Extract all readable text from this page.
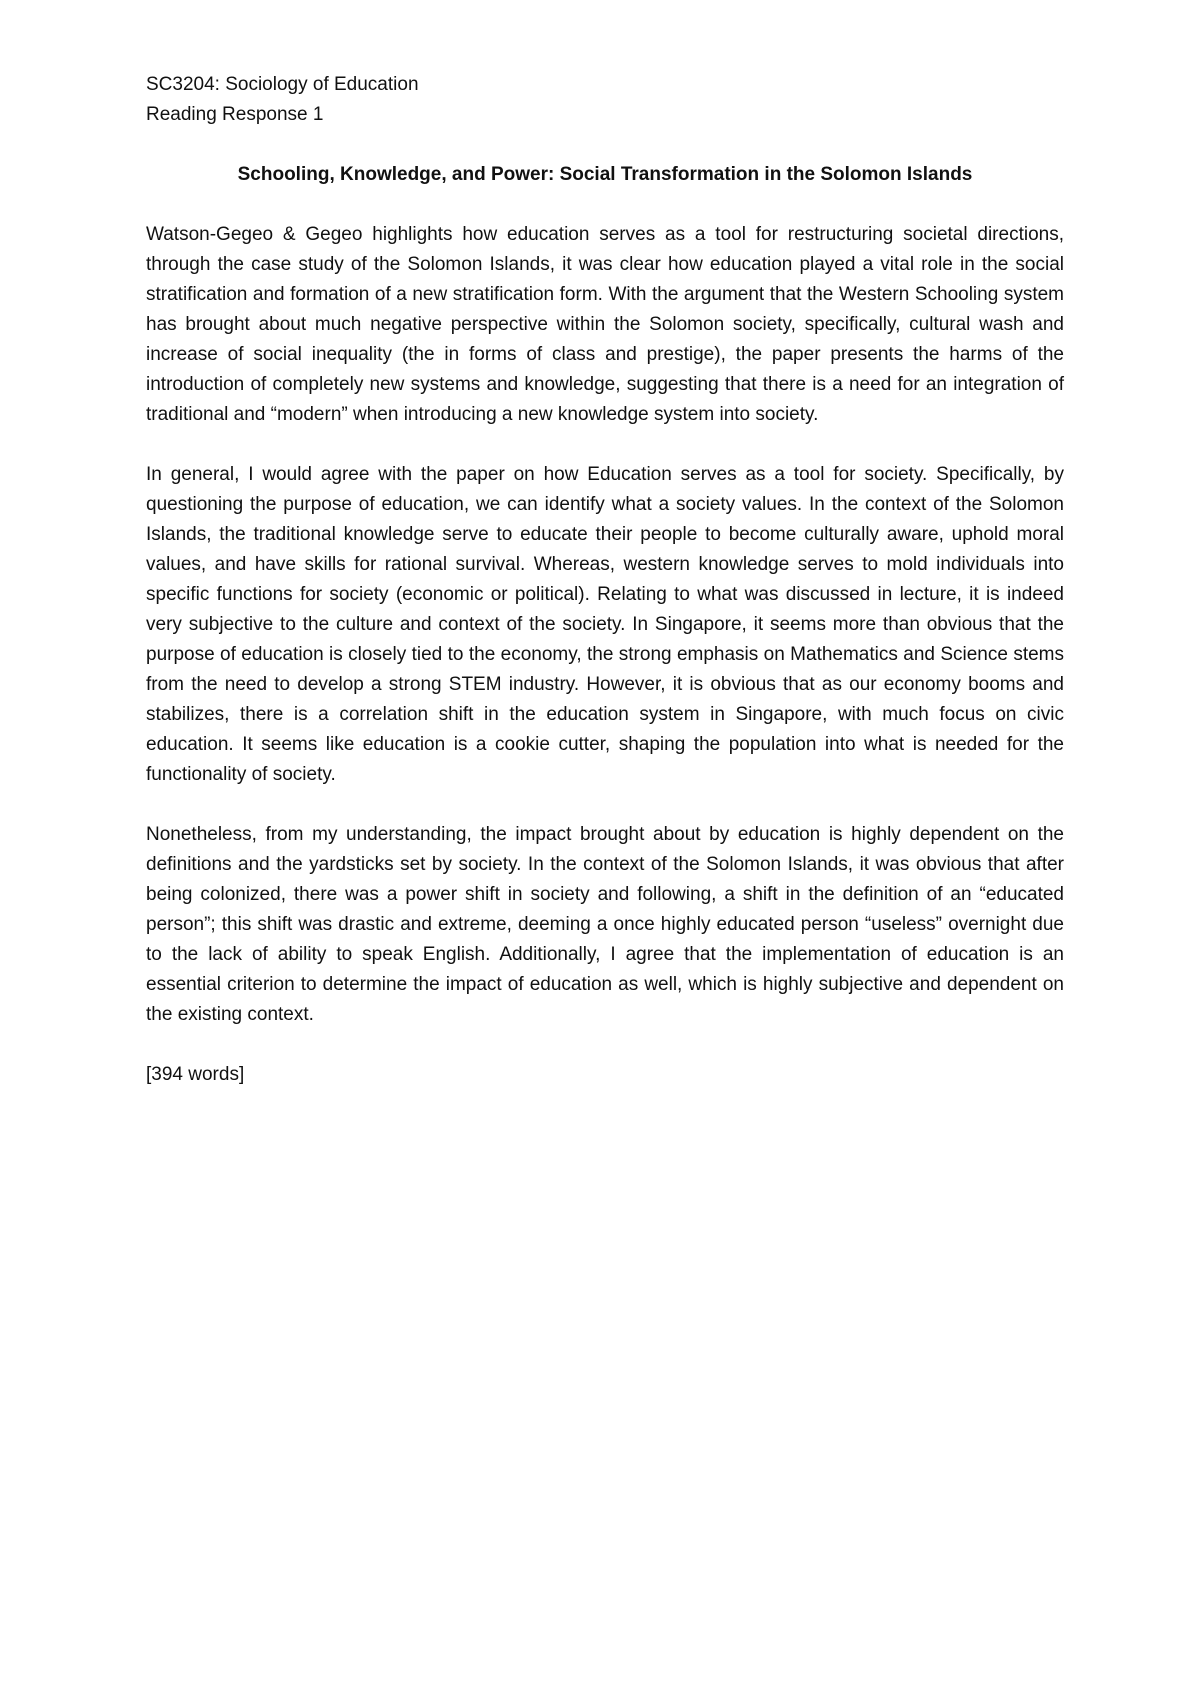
SC3204: Sociology of Education

Reading Response 1

Schooling, Knowledge, and Power: Social Transformation in the Solomon Islands

Watson-Gegeo & Gegeo highlights how education serves as a tool for restructuring societal directions, through the case study of the Solomon Islands, it was clear how education played a vital role in the social stratification and formation of a new stratification form. With the argument that the Western Schooling system has brought about much negative perspective within the Solomon society, specifically, cultural wash and increase of social inequality (the in forms of class and prestige), the paper presents the harms of the introduction of completely new systems and knowledge, suggesting that there is a need for an integration of traditional and “modern” when introducing a new knowledge system into society.

In general, I would agree with the paper on how Education serves as a tool for society. Specifically, by questioning the purpose of education, we can identify what a society values. In the context of the Solomon Islands, the traditional knowledge serve to educate their people to become culturally aware, uphold moral values, and have skills for rational survival. Whereas, western knowledge serves to mold individuals into specific functions for society (economic or political). Relating to what was discussed in lecture, it is indeed very subjective to the culture and context of the society. In Singapore, it seems more than obvious that the purpose of education is closely tied to the economy, the strong emphasis on Mathematics and Science stems from the need to develop a strong STEM industry. However, it is obvious that as our economy booms and stabilizes, there is a correlation shift in the education system in Singapore, with much focus on civic education. It seems like education is a cookie cutter, shaping the population into what is needed for the functionality of society.

Nonetheless, from my understanding, the impact brought about by education is highly dependent on the definitions and the yardsticks set by society. In the context of the Solomon Islands, it was obvious that after being colonized, there was a power shift in society and following, a shift in the definition of an “educated person”; this shift was drastic and extreme, deeming a once highly educated person “useless” overnight due to the lack of ability to speak English. Additionally, I agree that the implementation of education is an essential criterion to determine the impact of education as well, which is highly subjective and dependent on the existing context.

[394 words]
